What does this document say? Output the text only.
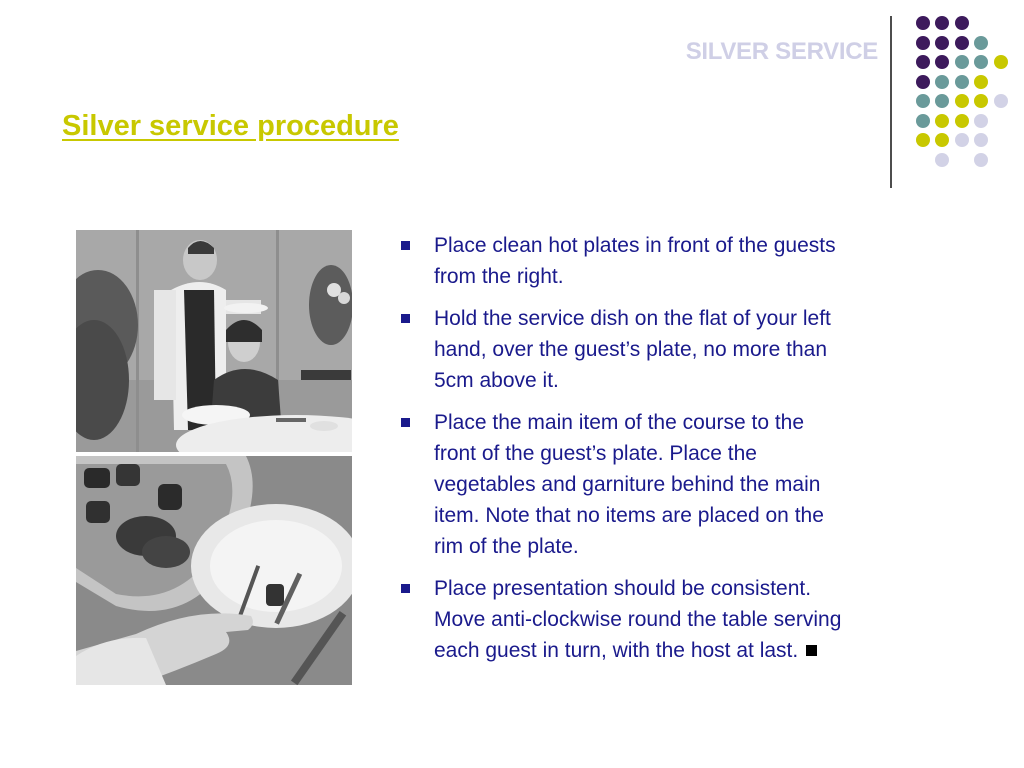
SILVER SERVICE
Silver service procedure
Place clean hot plates in front of the guests from the right.
Hold the service dish on the flat of your left hand, over the guest’s plate, no more than 5cm above it.
Place the main item of the course to the front of the guest’s plate. Place the vegetables and garniture behind the main item. Note that no items are placed on the rim of the plate.
Place presentation should be consistent. Move anti-clockwise round the table serving each guest in turn, with the host at last.
